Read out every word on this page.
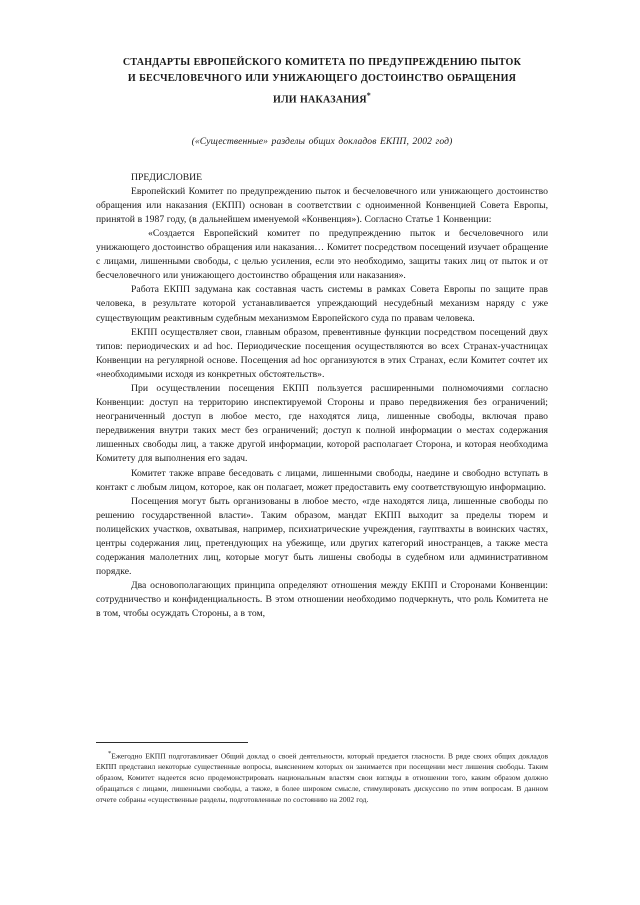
СТАНДАРТЫ ЕВРОПЕЙСКОГО КОМИТЕТА ПО ПРЕДУПРЕЖДЕНИЮ ПЫТОК
И БЕСЧЕЛОВЕЧНОГО ИЛИ УНИЖАЮЩЕГО ДОСТОИНСТВО ОБРАЩЕНИЯ
ИЛИ НАКАЗАНИЯ*
(«Существенные» разделы общих докладов ЕКПП, 2002 год)
ПРЕДИСЛОВИЕ

Европейский Комитет по предупреждению пыток и бесчеловечного или унижающего достоинство обращения или наказания (ЕКПП) основан в соответствии с одноименной Конвенцией Совета Европы, принятой в 1987 году, (в дальнейшем именуемой «Конвенция»). Согласно Статье 1 Конвенции:

«Создается Европейский комитет по предупреждению пыток и бесчеловечного или унижающего достоинство обращения или наказания… Комитет посредством посещений изучает обращение с лицами, лишенными свободы, с целью усиления, если это необходимо, защиты таких лиц от пыток и от бесчеловечного или унижающего достоинство обращения или наказания».

Работа ЕКПП задумана как составная часть системы в рамках Совета Европы по защите прав человека, в результате которой устанавливается упреждающий несудебный механизм наряду с уже существующим реактивным судебным механизмом Европейского суда по правам человека.

ЕКПП осуществляет свои, главным образом, превентивные функции посредством посещений двух типов: периодических и ad hoc. Периодические посещения осуществляются во всех Странах-участницах Конвенции на регулярной основе. Посещения ad hoc организуются в этих Странах, если Комитет сочтет их «необходимыми исходя из конкретных обстоятельств».

При осуществлении посещения ЕКПП пользуется расширенными полномочиями согласно Конвенции: доступ на территорию инспектируемой Стороны и право передвижения без ограничений; неограниченный доступ в любое место, где находятся лица, лишенные свободы, включая право передвижения внутри таких мест без ограничений; доступ к полной информации о местах содержания лишенных свободы лиц, а также другой информации, которой располагает Сторона, и которая необходима Комитету для выполнения его задач.

Комитет также вправе беседовать с лицами, лишенными свободы, наедине и свободно вступать в контакт с любым лицом, которое, как он полагает, может предоставить ему соответствующую информацию.

Посещения могут быть организованы в любое место, «где находятся лица, лишенные свободы по решению государственной власти». Таким образом, мандат ЕКПП выходит за пределы тюрем и полицейских участков, охватывая, например, психиатрические учреждения, гауптвахты в воинских частях, центры содержания лиц, претендующих на убежище, или других категорий иностранцев, а также места содержания малолетних лиц, которые могут быть лишены свободы в судебном или административном порядке.

Два основополагающих принципа определяют отношения между ЕКПП и Сторонами Конвенции: сотрудничество и конфиденциальность. В этом отношении необходимо подчеркнуть, что роль Комитета не в том, чтобы осуждать Стороны, а в том,

*Ежегодно ЕКПП подготавливает Общий доклад о своей деятельности, который предается гласности. В ряде своих общих докладов ЕКПП представил некоторые существенные вопросы, выяснением которых он занимается при посещении мест лишения свободы. Таким образом, Комитет надеется ясно продемонстрировать национальным властям свои взгляды в отношении того, каким образом должно обращаться с лицами, лишенными свободы, а также, в более широком смысле, стимулировать дискуссию по этим вопросам. В данном отчете собраны «существенные разделы, подготовленные по состоянию на 2002 год.
